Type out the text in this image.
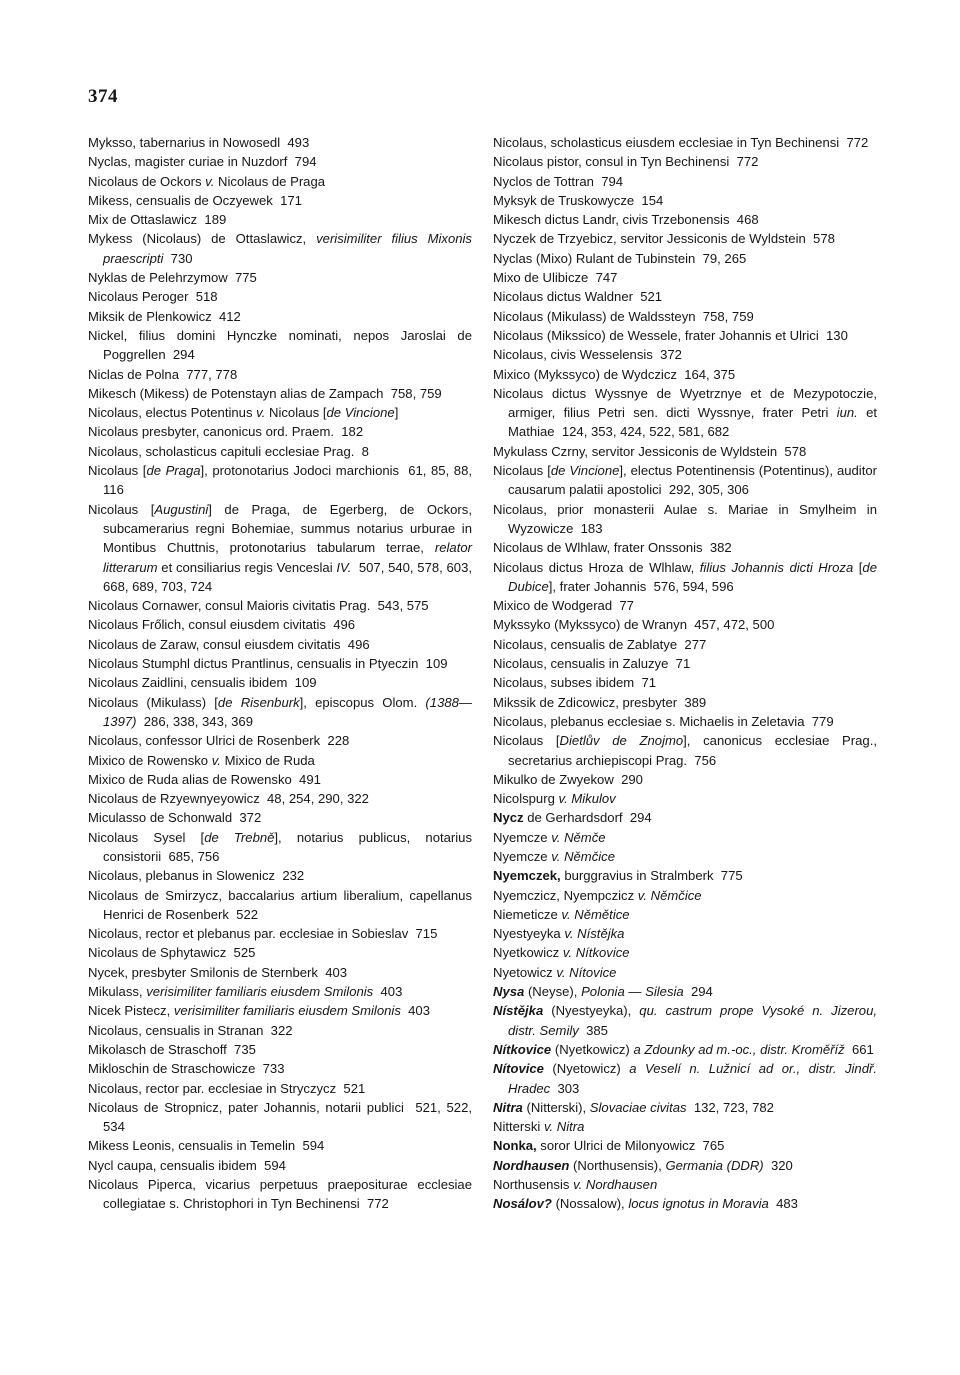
374

Myksso, tabernarius in Nowosedl  493

Nyclas, magister curiae in Nuzdorf  794

Nicolaus de Ockors v. Nicolaus de Praga

Mikess, censualis de Oczyewek  171

Mix de Ottaslawicz  189

Mykess (Nicolaus) de Ottaslawicz, verisimiliter filius Mixonis praescripti  730

Nyklas de Pelehrzymow  775

Nicolaus Peroger  518

Miksik de Plenkowicz  412

Nickel, filius domini Hynczke nominati, nepos Jaroslai de Poggrellen  294

Niclas de Polna  777, 778

Mikesch (Mikess) de Potenstayn alias de Zampach  758, 759

Nicolaus, electus Potentinus v. Nicolaus [de Vincione]

Nicolaus presbyter, canonicus ord. Praem.  182

Nicolaus, scholasticus capituli ecclesiae Prag.  8

Nicolaus [de Praga], protonotarius Jodoci marchionis  61, 85, 88, 116

Nicolaus [Augustini] de Praga, de Egerberg, de Ockors, subcamerarius regni Bohemiae, summus notarius urburae in Montibus Chuttnis, protonotarius tabularum terrae, relator litterarum et consiliarius regis Venceslai IV.  507, 540, 578, 603, 668, 689, 703, 724

Nicolaus Cornawer, consul Maioris civitatis Prag.  543, 575

Nicolaus Frőlich, consul eiusdem civitatis  496

Nicolaus de Zaraw, consul eiusdem civitatis  496

Nicolaus Stumphl dictus Prantlinus, censualis in Ptyeczin  109

Nicolaus Zaidlini, censualis ibidem  109

Nicolaus (Mikulass) [de Risenburk], episcopus Olom. (1388—1397)  286, 338, 343, 369

Nicolaus, confessor Ulrici de Rosenberk  228

Mixico de Rowensko v. Mixico de Ruda

Mixico de Ruda alias de Rowensko  491

Nicolaus de Rzyewnyeyowicz  48, 254, 290, 322

Miculasso de Schonwald  372

Nicolaus Sysel [de Trebně], notarius publicus, notarius consistorii  685, 756

Nicolaus, plebanus in Slowenicz  232

Nicolaus de Smirzycz, baccalarius artium liberalium, capellanus Henrici de Rosenberk  522

Nicolaus, rector et plebanus par. ecclesiae in Sobieslav  715

Nicolaus de Sphytawicz  525

Nycek, presbyter Smilonis de Sternberk  403

Mikulass, verisimiliter familiaris eiusdem Smilonis  403

Nicek Pistecz, verisimiliter familiaris eiusdem Smilonis  403

Nicolaus, censualis in Stranan  322

Mikolasch de Straschoff  735

Mikloschin de Straschowicze  733

Nicolaus, rector par. ecclesiae in Stryczycz  521

Nicolaus de Stropnicz, pater Johannis, notarii publici  521, 522, 534

Mikess Leonis, censualis in Temelin  594

Nycl caupa, censualis ibidem  594

Nicolaus Piperca, vicarius perpetuus praeposituraе ecclesiae collegiatae s. Christophori in Tyn Bechinensi  772

Nicolaus, scholasticus eiusdem ecclesiae in Tyn Bechinensi  772

Nicolaus pistor, consul in Tyn Bechinensi  772

Nyclos de Tottran  794

Myksyk de Truskowycze  154

Mikesch dictus Landr, civis Trzebonensis  468

Nyczek de Trzyebicz, servitor Jessiconis de Wyldstein  578

Nyclas (Mixo) Rulant de Tubinstein  79, 265

Mixo de Ulibicze  747

Nicolaus dictus Waldner  521

Nicolaus (Mikulass) de Waldssteyn  758, 759

Nicolaus (Mikssico) de Wessele, frater Johannis et Ulrici  130

Nicolaus, civis Wesselensis  372

Mixico (Mykssyco) de Wydczicz  164, 375

Nicolaus dictus Wyssnye de Wyetrznye et de Mezypotoczie, armiger, filius Petri sen. dicti Wyssnye, frater Petri iun. et Mathiae  124, 353, 424, 522, 581, 682

Mykulass Czrny, servitor Jessiconis de Wyldstein  578

Nicolaus [de Vincione], electus Potentinensis (Potentinus), auditor causarum palatii apostolici  292, 305, 306

Nicolaus, prior monasterii Aulae s. Mariae in Smylheim in Wyzowicze  183

Nicolaus de Wlhlaw, frater Onssonis  382

Nicolaus dictus Hroza de Wlhlaw, filius Johannis dicti Hroza [de Dubice], frater Johannis  576, 594, 596

Mixico de Wodgerad  77

Mykssyko (Mykssyco) de Wranyn  457, 472, 500

Nicolaus, censualis de Zablatye  277

Nicolaus, censualis in Zaluzye  71

Nicolaus, subses ibidem  71

Mikssik de Zdicowicz, presbyter  389

Nicolaus, plebanus ecclesiae s. Michaelis in Zeletavia  779

Nicolaus [Dietlův de Znojmo], canonicus ecclesiae Prag., secretarius archiepiscopi Prag.  756

Mikulko de Zwyekow  290

Nicolspurg v. Mikulov

Nycz de Gerhardsdorf  294

Nyemcze v. Němče

Nyemcze v. Němčice

Nyemczek, burggravius in Stralmberk  775

Nyemczicz, Nyempczicz v. Němčice

Niemeticze v. Němětice

Nyestyeyka v. Nístějka

Nyetkowicz v. Nítkovice

Nyetowicz v. Nítovice

Nysa (Neyse), Polonia — Silesia  294

Nístějka (Nyestyeyka), qu. castrum prope Vysoké n. Jizerou, distr. Semily  385

Nítkovice (Nyetkowicz) a Zdounky ad m.-oc., distr. Kroměříž  661

Nítovice (Nyetowicz) a Veselí n. Lužnicí ad or., distr. Jindř. Hradec  303

Nitra (Nitterski), Slovaciae civitas  132, 723, 782

Nitterski v. Nitra

Nonka, soror Ulrici de Milonyowicz  765

Nordhausen (Northusensis), Germania (DDR)  320

Northusensis v. Nordhausen

Nosálov? (Nossalow), locus ignotus in Moravia  483
